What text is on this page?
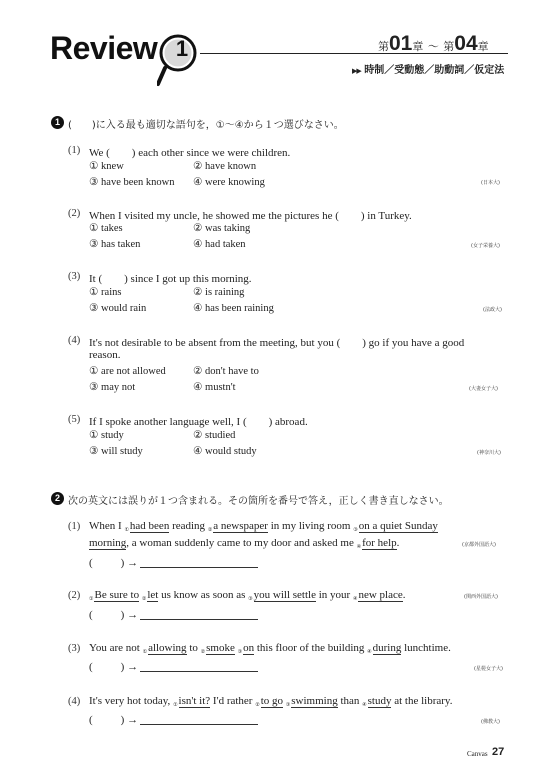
Review 1	第01章 ～ 第04章
▶▶ 時制／受動態／助動詞／仮定法
1 (　　)に入る最も適切な語句を，①〜④から１つ選びなさい。
(1) We (　　) each other since we were children.
① knew	② have known
③ have been known ④ were knowing	(日本大)
(2) When I visited my uncle, he showed me the pictures he (　　) in Turkey.
① takes	② was taking
③ has taken	④ had taken	(女子栄養大)
(3) It (　　) since I got up this morning.
① rains	② is raining
③ would rain	④ has been raining	(法政大)
(4) It's not desirable to be absent from the meeting, but you (　　) go if you have a good
reason.
① are not allowed	② don't have to
③ may not	④ mustn't	(大妻女子大)
(5) If I spoke another language well, I (　　) abroad.
① study	② studied
③ will study	④ would study	(神奈川大)
2 次の英文には誤りが１つ含まれる。その箇所を番号で答え，正しく書き直しなさい。
(1) When I $_①$had been reading $_②$a newspaper in my living room $_③$on a quiet Sunday
morning, a woman suddenly came to my door and asked me $_④$for help.	(京都外国語大)
(	) →
(2) $_①$Be sure to $_②$let us know as soon as $_③$you will settle in your $_④$new place.	(関西外国語大)
(	) →
(3) You are not $_①$allowing to $_②$smoke $_③$on this floor of the building $_④$during lunchtime.
(星槎女子大)
(	) →
(4) It's very hot today, $_①$isn't it? I'd rather $_②$to go $_③$swimming than $_④$study at the library.
(佛教大)
(	) →
Canvas 27
